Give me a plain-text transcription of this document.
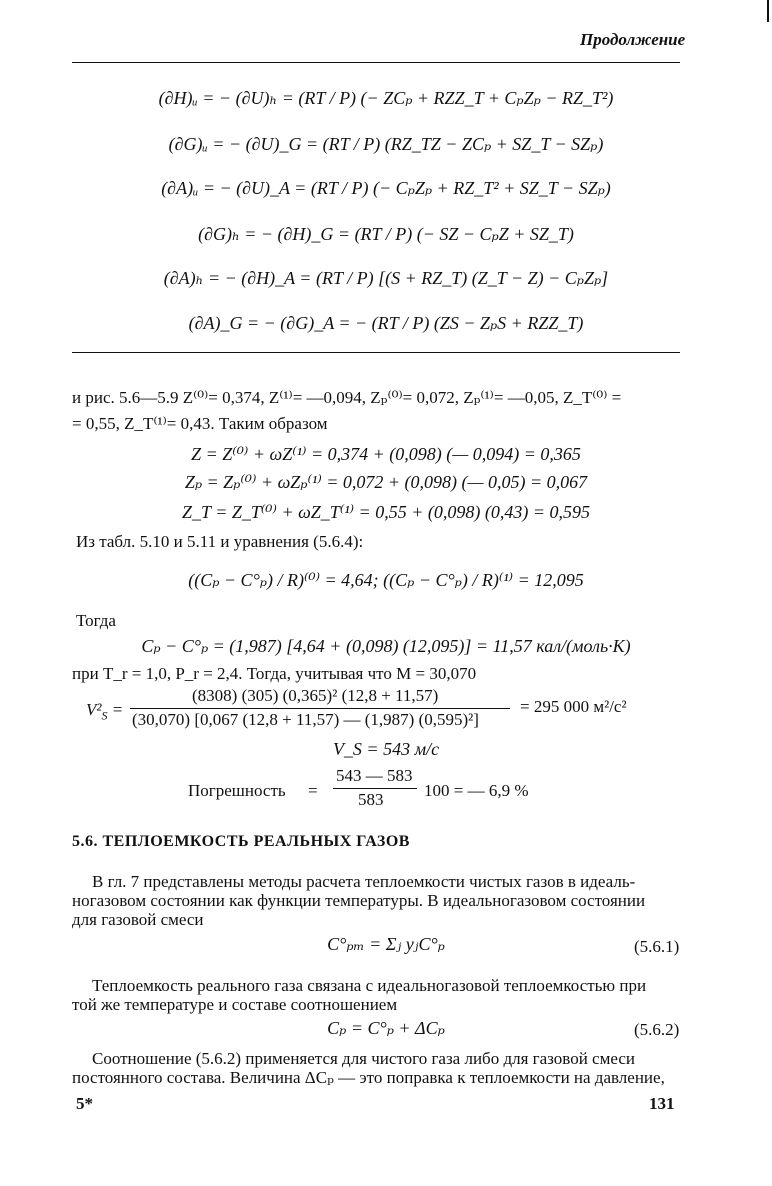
Продолжение
(∂H)ᵤ = − (∂U)ₕ = (RT / P) (− ZCₚ + RZZ_T + CₚZₚ − RZ_T²)
(∂G)ᵤ = − (∂U)_G = (RT / P) (RZ_TZ − ZCₚ + SZ_T − SZₚ)
(∂A)ᵤ = − (∂U)_A = (RT / P) (− CₚZₚ + RZ_T² + SZ_T − SZₚ)
(∂G)ₕ = − (∂H)_G = (RT / P) (− SZ − CₚZ + SZ_T)
(∂A)ₕ = − (∂H)_A = (RT / P) [(S + RZ_T) (Z_T − Z) − CₚZₚ]
(∂A)_G = − (∂G)_A = − (RT / P) (ZS − ZₚS + RZZ_T)
и рис. 5.6—5.9 Z⁽⁰⁾= 0,374, Z⁽¹⁾= —0,094, Zₚ⁽⁰⁾= 0,072, Zₚ⁽¹⁾= —0,05, Z_T⁽⁰⁾ =
= 0,55, Z_T⁽¹⁾= 0,43. Таким образом
Z = Z⁽⁰⁾ + ωZ⁽¹⁾ = 0,374 + (0,098) (— 0,094) = 0,365
Zₚ = Zₚ⁽⁰⁾ + ωZₚ⁽¹⁾ = 0,072 + (0,098) (— 0,05) = 0,067
Z_T = Z_T⁽⁰⁾ + ωZ_T⁽¹⁾ = 0,55 + (0,098) (0,43) = 0,595
Из табл. 5.10 и 5.11 и уравнения (5.6.4):
((Cₚ − C°ₚ) / R)⁽⁰⁾ = 4,64; ((Cₚ − C°ₚ) / R)⁽¹⁾ = 12,095
Тогда
Cₚ − C°ₚ = (1,987) [4,64 + (0,098) (12,095)] = 11,57 кал/(моль·К)
при T_r = 1,0, P_r = 2,4. Тогда, учитывая что M = 30,070
$V^2_S$ =
(8308) (305) (0,365)² (12,8 + 11,57)
(30,070) [0,067 (12,8 + 11,57) — (1,987) (0,595)²]
= 295 000 м²/с²
V_S = 543 м/с
Погрешность =
543 — 583
583 100 = — 6,9 %
5.6. ТЕПЛОЕМКОСТЬ РЕАЛЬНЫХ ГАЗОВ
В гл. 7 представлены методы расчета теплоемкости чистых газов в идеаль-
ногазовом состоянии как функции температуры. В идеальногазовом состоянии
для газовой смеси
C°ₚₘ = Σⱼ yⱼC°ₚ	(5.6.1)
Теплоемкость реального газа связана с идеальногазовой теплоемкостью при
той же температуре и составе соотношением
Cₚ = C°ₚ + ΔCₚ	(5.6.2)
Соотношение (5.6.2) применяется для чистого газа либо для газовой смеси
постоянного состава. Величина ΔCₚ — это поправка к теплоемкости на давление,
5*	131
